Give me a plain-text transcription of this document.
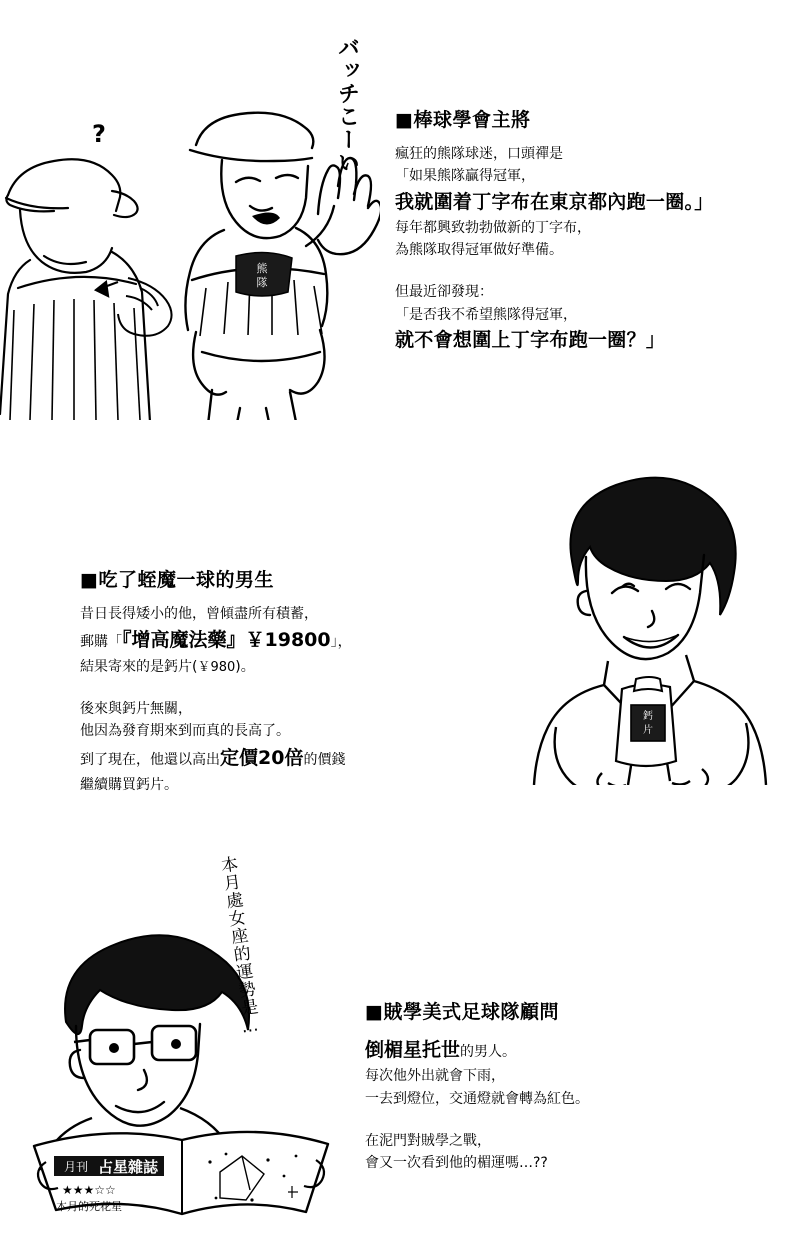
熊
隊
バッチこーい
?	■棒球學會主將
瘋狂的熊隊球迷，口頭禪是
「如果熊隊贏得冠軍，
我就圍着丁字布在東京都內跑一圈。」
每年都興致勃勃做新的丁字布，
為熊隊取得冠軍做好準備。
但最近卻發現：
「是否我不希望熊隊得冠軍，
就不會想圍上丁字布跑一圈？」
鈣
片
■吃了蛭魔一球的男生
昔日長得矮小的他，曾傾盡所有積蓄，
郵購「『增高魔法藥』￥19800」，
結果寄來的是鈣片(￥980)。
後來與鈣片無關，
他因為發育期來到而真的長高了。
到了現在，他還以高出定價20倍的價錢
繼續購買鈣片。
月刊 占星雜誌
★★★☆☆
本月的死花星
本月處女座的運勢是…	■賊學美式足球隊顧問
倒楣星托世的男人。
每次他外出就會下雨，
一去到燈位，交通燈就會轉為紅色。
在泥門對賊學之戰，
會又一次看到他的楣運嗎…??
